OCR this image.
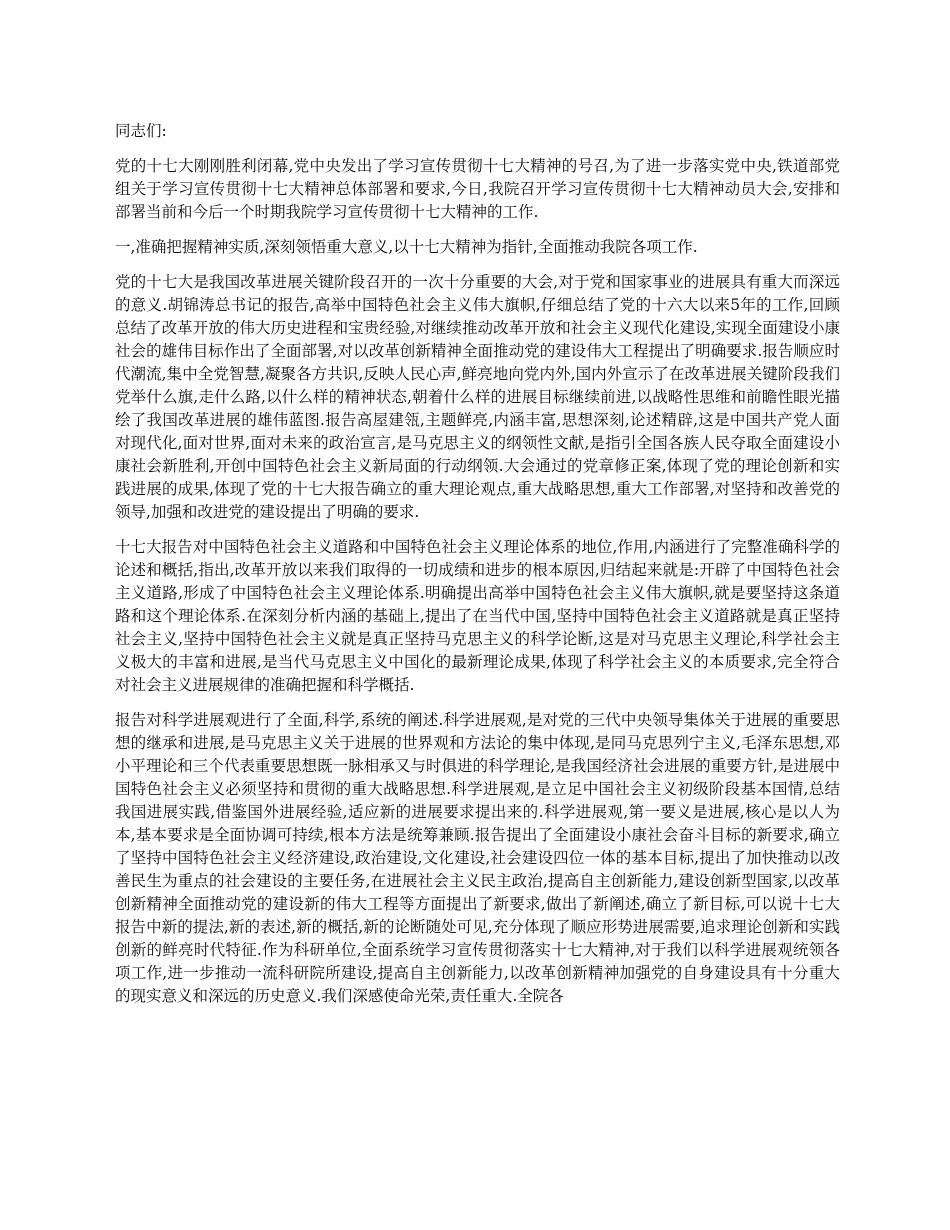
同志们:

党的十七大刚刚胜利闭幕,党中央发出了学习宣传贯彻十七大精神的号召,为了进一步落实党中央,铁道部党组关于学习宣传贯彻十七大精神总体部署和要求,今日,我院召开学习宣传贯彻十七大精神动员大会,安排和部署当前和今后一个时期我院学习宣传贯彻十七大精神的工作.

一,准确把握精神实质,深刻领悟重大意义,以十七大精神为指针,全面推动我院各项工作.

党的十七大是我国改革进展关键阶段召开的一次十分重要的大会,对于党和国家事业的进展具有重大而深远的意义.胡锦涛总书记的报告,高举中国特色社会主义伟大旗帜,仔细总结了党的十六大以来5年的工作,回顾总结了改革开放的伟大历史进程和宝贵经验,对继续推动改革开放和社会主义现代化建设,实现全面建设小康社会的雄伟目标作出了全面部署,对以改革创新精神全面推动党的建设伟大工程提出了明确要求.报告顺应时代潮流,集中全党智慧,凝聚各方共识,反映人民心声,鲜亮地向党内外,国内外宣示了在改革进展关键阶段我们党举什么旗,走什么路,以什么样的精神状态,朝着什么样的进展目标继续前进,以战略性思维和前瞻性眼光描绘了我国改革进展的雄伟蓝图.报告高屋建瓴,主题鲜亮,内涵丰富,思想深刻,论述精辟,这是中国共产党人面对现代化,面对世界,面对未来的政治宣言,是马克思主义的纲领性文献,是指引全国各族人民夺取全面建设小康社会新胜利,开创中国特色社会主义新局面的行动纲领.大会通过的党章修正案,体现了党的理论创新和实践进展的成果,体现了党的十七大报告确立的重大理论观点,重大战略思想,重大工作部署,对坚持和改善党的领导,加强和改进党的建设提出了明确的要求.

十七大报告对中国特色社会主义道路和中国特色社会主义理论体系的地位,作用,内涵进行了完整准确科学的论述和概括,指出,改革开放以来我们取得的一切成绩和进步的根本原因,归结起来就是:开辟了中国特色社会主义道路,形成了中国特色社会主义理论体系.明确提出高举中国特色社会主义伟大旗帜,就是要坚持这条道路和这个理论体系.在深刻分析内涵的基础上,提出了在当代中国,坚持中国特色社会主义道路就是真正坚持社会主义,坚持中国特色社会主义就是真正坚持马克思主义的科学论断,这是对马克思主义理论,科学社会主义极大的丰富和进展,是当代马克思主义中国化的最新理论成果,体现了科学社会主义的本质要求,完全符合对社会主义进展规律的准确把握和科学概括.

报告对科学进展观进行了全面,科学,系统的阐述.科学进展观,是对党的三代中央领导集体关于进展的重要思想的继承和进展,是马克思主义关于进展的世界观和方法论的集中体现,是同马克思列宁主义,毛泽东思想,邓小平理论和三个代表重要思想既一脉相承又与时俱进的科学理论,是我国经济社会进展的重要方针,是进展中国特色社会主义必须坚持和贯彻的重大战略思想.科学进展观,是立足中国社会主义初级阶段基本国情,总结我国进展实践,借鉴国外进展经验,适应新的进展要求提出来的.科学进展观,第一要义是进展,核心是以人为本,基本要求是全面协调可持续,根本方法是统筹兼顾.报告提出了全面建设小康社会奋斗目标的新要求,确立了坚持中国特色社会主义经济建设,政治建设,文化建设,社会建设四位一体的基本目标,提出了加快推动以改善民生为重点的社会建设的主要任务,在进展社会主义民主政治,提高自主创新能力,建设创新型国家,以改革创新精神全面推动党的建设新的伟大工程等方面提出了新要求,做出了新阐述,确立了新目标,可以说十七大报告中新的提法,新的表述,新的概括,新的论断随处可见,充分体现了顺应形势进展需要,追求理论创新和实践创新的鲜亮时代特征.作为科研单位,全面系统学习宣传贯彻落实十七大精神,对于我们以科学进展观统领各项工作,进一步推动一流科研院所建设,提高自主创新能力,以改革创新精神加强党的自身建设具有十分重大的现实意义和深远的历史意义.我们深感使命光荣,责任重大.全院各
